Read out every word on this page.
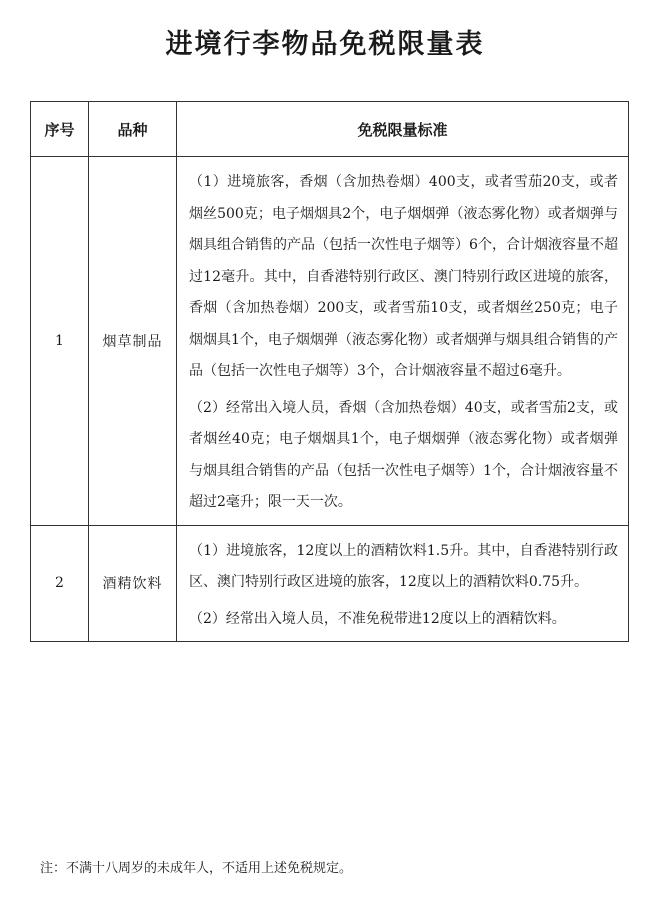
进境行李物品免税限量表
序号	品种	免税限量标准
1	烟草制品	（1）进境旅客，香烟（含加热卷烟）400支，或者雪茄20支，或者烟丝500克；电子烟烟具2个，电子烟烟弹（液态雾化物）或者烟弹与烟具组合销售的产品（包括一次性电子烟等）6个，合计烟液容量不超过12毫升。其中，自香港特别行政区、澳门特别行政区进境的旅客，香烟（含加热卷烟）200支，或者雪茄10支，或者烟丝250克；电子烟烟具1个，电子烟烟弹（液态雾化物）或者烟弹与烟具组合销售的产品（包括一次性电子烟等）3个，合计烟液容量不超过6毫升。

（2）经常出入境人员，香烟（含加热卷烟）40支，或者雪茄2支，或者烟丝40克；电子烟烟具1个，电子烟烟弹（液态雾化物）或者烟弹与烟具组合销售的产品（包括一次性电子烟等）1个，合计烟液容量不超过2毫升；限一天一次。

2	酒精饮料	（1）进境旅客，12度以上的酒精饮料1.5升。其中，自香港特别行政区、澳门特别行政区进境的旅客，12度以上的酒精饮料0.75升。

（2）经常出入境人员，不准免税带进12度以上的酒精饮料。

注：不满十八周岁的未成年人，不适用上述免税规定。
